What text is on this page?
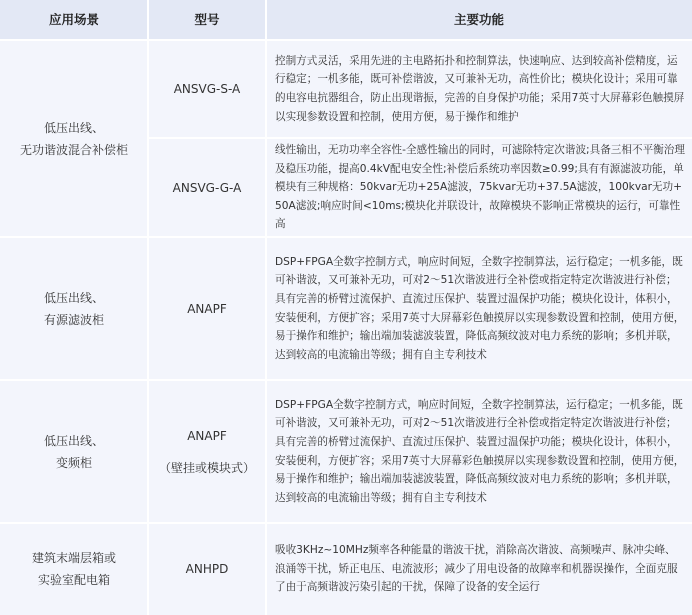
应用场景	型号	主要功能
低压出线、
无功谐波混合补偿柜
ANSVG-S-A
控制方式灵活，采用先进的主电路拓扑和控制算法，快速响应、达到较高补偿精度，运行稳定；一机多能，既可补偿谐波，又可兼补无功，高性价比；模块化设计；采用可靠的电容电抗器组合，防止出现谐振，完善的自身保护功能；采用7英寸大屏幕彩色触摸屏以实现参数设置和控制，使用方便，易于操作和维护
ANSVG-G-A
线性输出，无功功率全容性-全感性输出的同时，可滤除特定次谐波;具备三相不平衡治理及稳压功能，提高0.4kV配电安全性;补偿后系统功率因数≥0.99;具有有源滤波功能，单模块有三种规格：50kvar无功+25A滤波，75kvar无功+37.5A滤波，100kvar无功+50A滤波;响应时间<10ms;模块化并联设计，故障模块不影响正常模块的运行，可靠性高
低压出线、
有源滤波柜
ANAPF
DSP+FPGA全数字控制方式，响应时间短，全数字控制算法，运行稳定；一机多能，既可补谐波，又可兼补无功，可对2～51次谐波进行全补偿或指定特定次谐波进行补偿；具有完善的桥臂过流保护、直流过压保护、装置过温保护功能；模块化设计，体积小，安装便利，方便扩容；采用7英寸大屏幕彩色触摸屏以实现参数设置和控制，使用方便，易于操作和维护；输出端加装滤波装置，降低高频纹波对电力系统的影响；多机并联，达到较高的电流输出等级；拥有自主专利技术
低压出线、
变频柜
ANAPF
（壁挂或模块式）
DSP+FPGA全数字控制方式，响应时间短，全数字控制算法，运行稳定；一机多能，既可补谐波，又可兼补无功，可对2～51次谐波进行全补偿或指定特定次谐波进行补偿；具有完善的桥臂过流保护、直流过压保护、装置过温保护功能；模块化设计，体积小，安装便利，方便扩容；采用7英寸大屏幕彩色触摸屏以实现参数设置和控制，使用方便，易于操作和维护；输出端加装滤波装置，降低高频纹波对电力系统的影响；多机并联，达到较高的电流输出等级；拥有自主专利技术
建筑末端层箱或
实验室配电箱
ANHPD
吸收3KHz~10MHz频率各种能量的谐波干扰，消除高次谐波、高频噪声、脉冲尖峰、浪涌等干扰，矫正电压、电流波形；减少了用电设备的故障率和机器误操作，全面克服了由于高频谐波污染引起的干扰，保障了设备的安全运行
